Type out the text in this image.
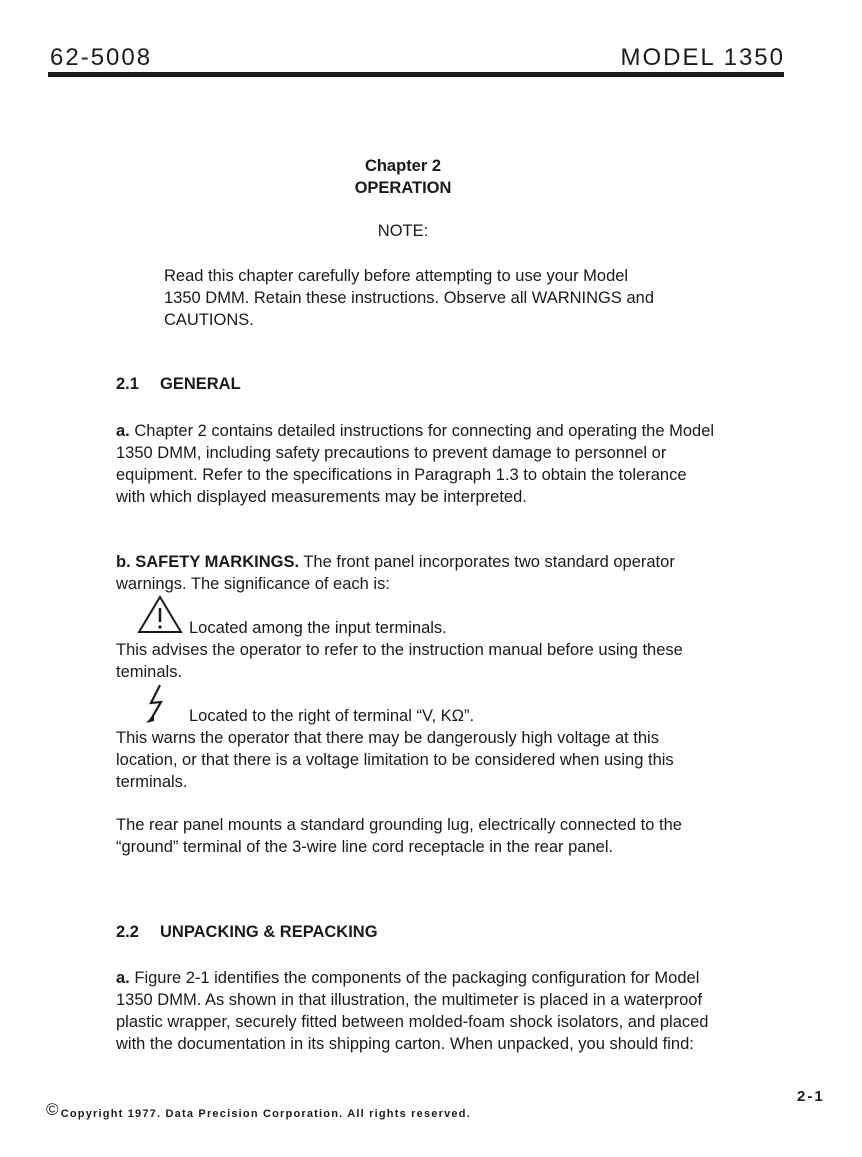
62-5008	MODEL 1350
Chapter 2
OPERATION
NOTE:
Read this chapter carefully before attempting to use your Model 1350 DMM. Retain these instructions. Observe all WARNINGS and CAUTIONS.
2.1 GENERAL
a. Chapter 2 contains detailed instructions for connecting and operating the Model 1350 DMM, including safety precautions to prevent damage to personnel or equipment. Refer to the specifications in Paragraph 1.3 to obtain the tolerance with which displayed measurements may be interpreted.
b. SAFETY MARKINGS. The front panel incorporates two standard operator warnings. The significance of each is:
Located among the input terminals.
This advises the operator to refer to the instruction manual before using these teminals.
Located to the right of terminal “V, KΩ”.
This warns the operator that there may be dangerously high voltage at this location, or that there is a voltage limitation to be considered when using this terminals.
The rear panel mounts a standard grounding lug, electrically connected to the “ground” terminal of the 3-wire line cord receptacle in the rear panel.
2.2 UNPACKING & REPACKING
a. Figure 2-1 identifies the components of the packaging configuration for Model 1350 DMM. As shown in that illustration, the multimeter is placed in a waterproof plastic wrapper, securely fitted between molded-foam shock isolators, and placed with the documentation in its shipping carton. When unpacked, you should find:
2-1
©Copyright 1977. Data Precision Corporation. All rights reserved.
